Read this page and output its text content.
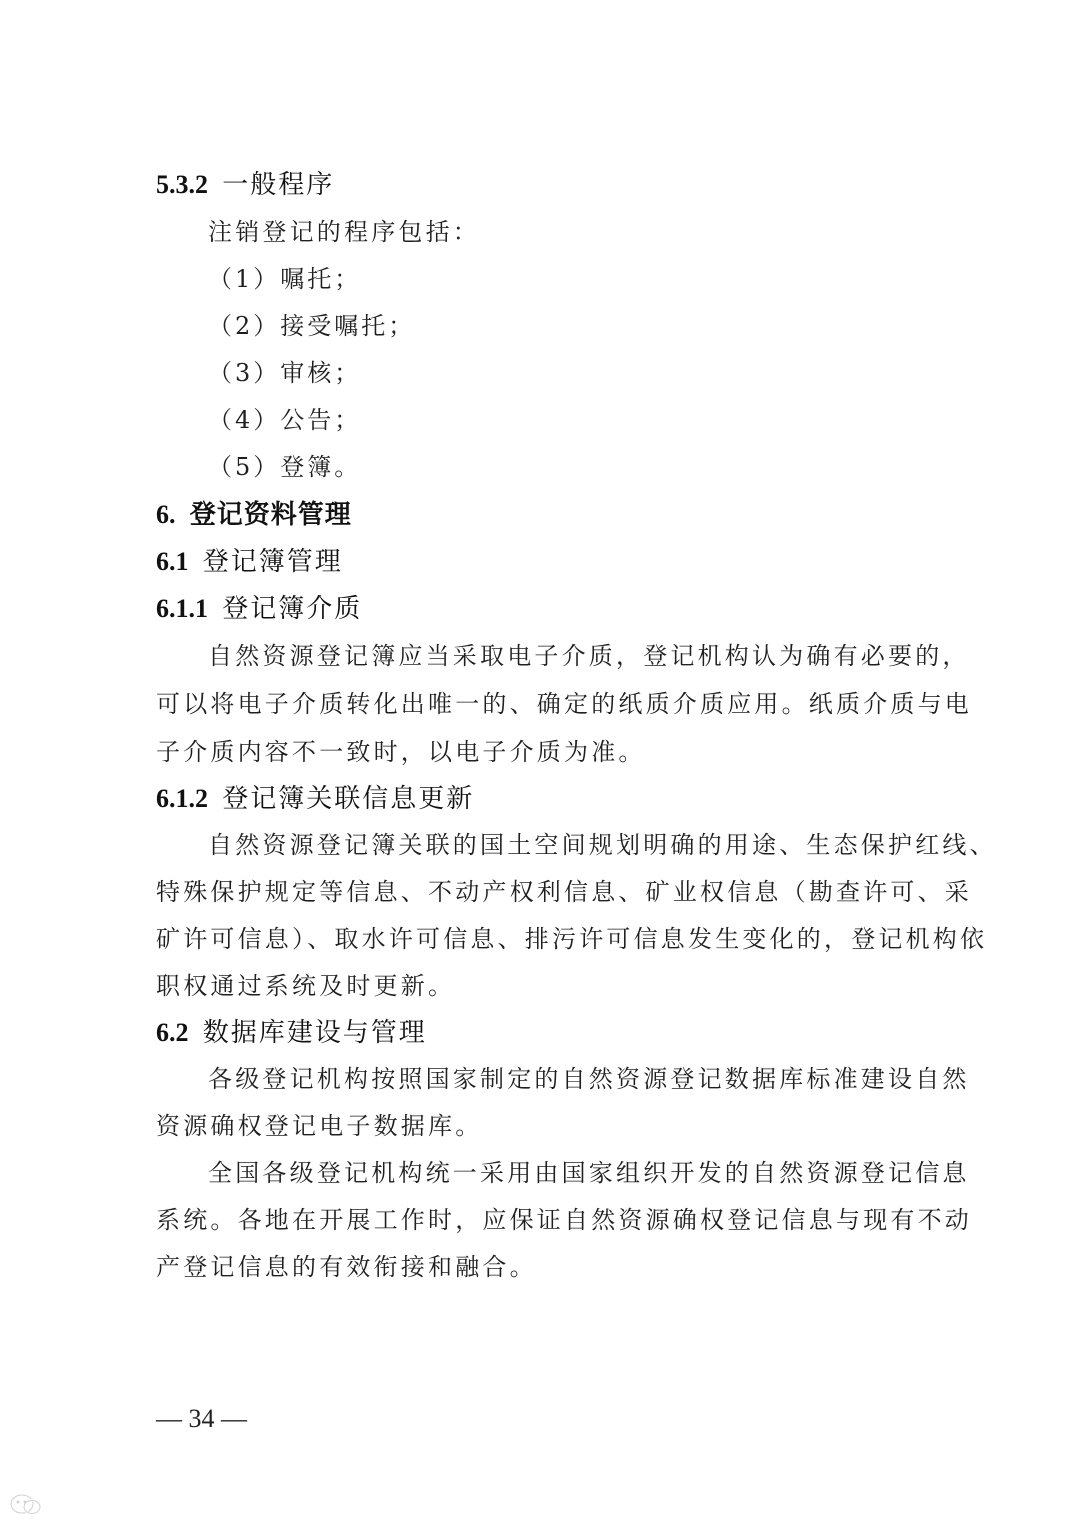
5.3.2 一般程序
注销登记的程序包括：
（1）嘱托；
（2）接受嘱托；
（3）审核；
（4）公告；
（5）登簿。
6. 登记资料管理
6.1 登记簿管理
6.1.1 登记簿介质
自然资源登记簿应当采取电子介质，登记机构认为确有必要的，
可以将电子介质转化出唯一的、确定的纸质介质应用。纸质介质与电
子介质内容不一致时，以电子介质为准。
6.1.2 登记簿关联信息更新
自然资源登记簿关联的国土空间规划明确的用途、生态保护红线、
特殊保护规定等信息、不动产权利信息、矿业权信息（勘查许可、采
矿许可信息）、取水许可信息、排污许可信息发生变化的，登记机构依
职权通过系统及时更新。
6.2 数据库建设与管理
各级登记机构按照国家制定的自然资源登记数据库标准建设自然
资源确权登记电子数据库。
全国各级登记机构统一采用由国家组织开发的自然资源登记信息
系统。各地在开展工作时，应保证自然资源确权登记信息与现有不动
产登记信息的有效衔接和融合。
— 34 —
